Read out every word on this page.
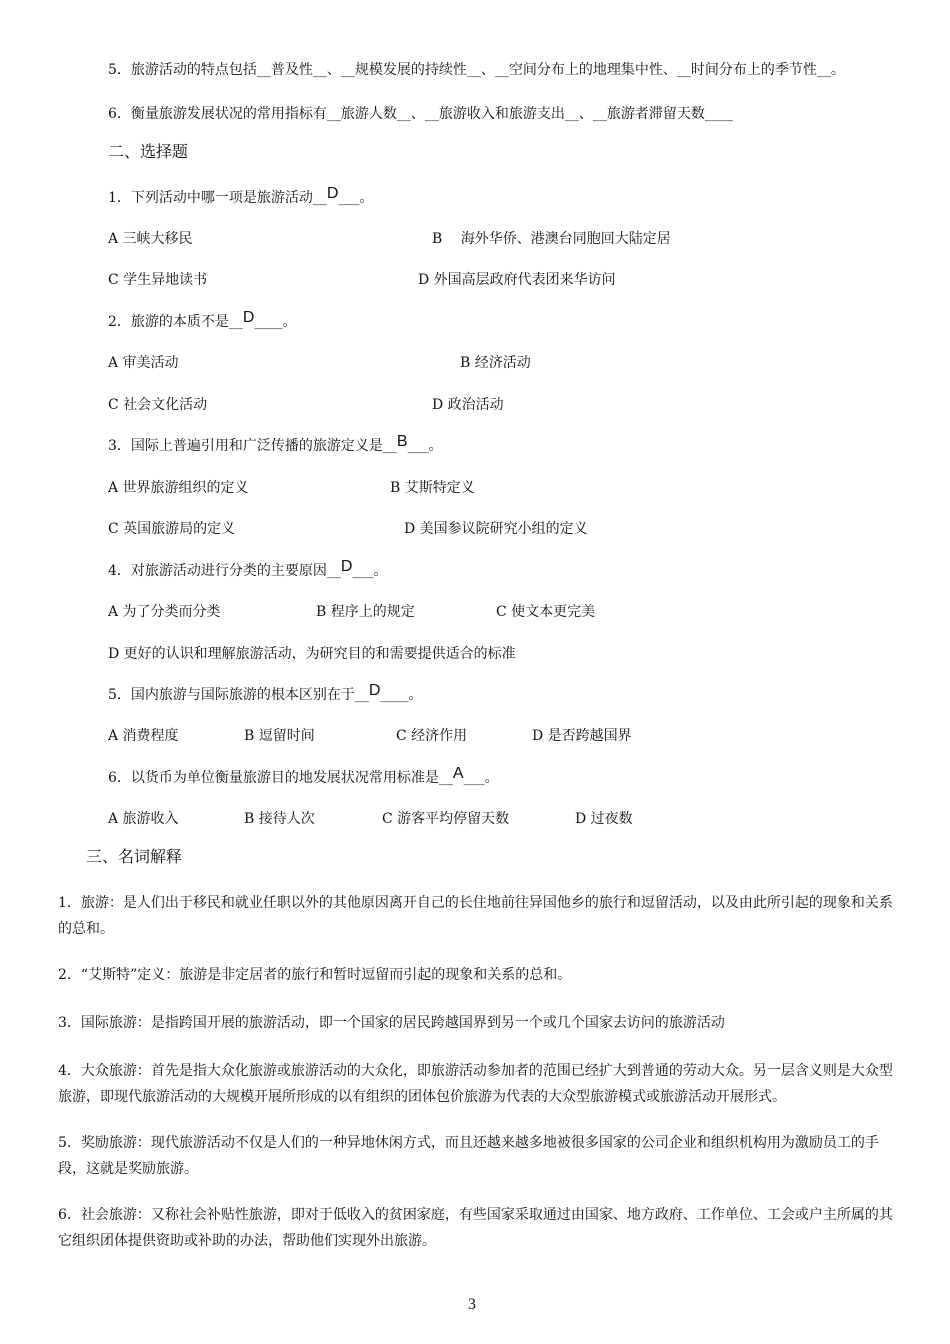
5．旅游活动的特点包括__普及性__、__规模发展的持续性__、__空间分布上的地理集中性、__时间分布上的季节性__。
6．衡量旅游发展状况的常用指标有__旅游人数__、__旅游收入和旅游支出__、__旅游者滞留天数____
二、选择题
1．下列活动中哪一项是旅游活动__D___。
A 三峡大移民	B　 海外华侨、港澳台同胞回大陆定居
C 学生异地读书	D 外国高层政府代表团来华访问
2．旅游的本质不是__D____。
A 审美活动	B 经济活动
C 社会文化活动	D 政治活动
3．国际上普遍引用和广泛传播的旅游定义是__B___。
A 世界旅游组织的定义	B 艾斯特定义
C 英国旅游局的定义	D 美国参议院研究小组的定义
4．对旅游活动进行分类的主要原因__D___。
A 为了分类而分类	B 程序上的规定	C 使文本更完美
D 更好的认识和理解旅游活动，为研究目的和需要提供适合的标准
5．国内旅游与国际旅游的根本区别在于__D____。
A 消费程度	B 逗留时间	C 经济作用	D 是否跨越国界
6．以货币为单位衡量旅游目的地发展状况常用标准是__A___。
A 旅游收入	B 接待人次	C 游客平均停留天数	D 过夜数
三、名词解释
1．旅游：是人们出于移民和就业任职以外的其他原因离开自己的长住地前往异国他乡的旅行和逗留活动，以及由此所引起的现象和关系的总和。
2．“艾斯特”定义：旅游是非定居者的旅行和暂时逗留而引起的现象和关系的总和。
3．国际旅游：是指跨国开展的旅游活动，即一个国家的居民跨越国界到另一个或几个国家去访问的旅游活动
4．大众旅游：首先是指大众化旅游或旅游活动的大众化，即旅游活动参加者的范围已经扩大到普通的劳动大众。另一层含义则是大众型旅游，即现代旅游活动的大规模开展所形成的以有组织的团体包价旅游为代表的大众型旅游模式或旅游活动开展形式。
5．奖励旅游：现代旅游活动不仅是人们的一种异地休闲方式，而且还越来越多地被很多国家的公司企业和组织机构用为激励员工的手段，这就是奖励旅游。
6．社会旅游：又称社会补贴性旅游，即对于低收入的贫困家庭，有些国家采取通过由国家、地方政府、工作单位、工会或户主所属的其它组织团体提供资助或补助的办法，帮助他们实现外出旅游。
3
